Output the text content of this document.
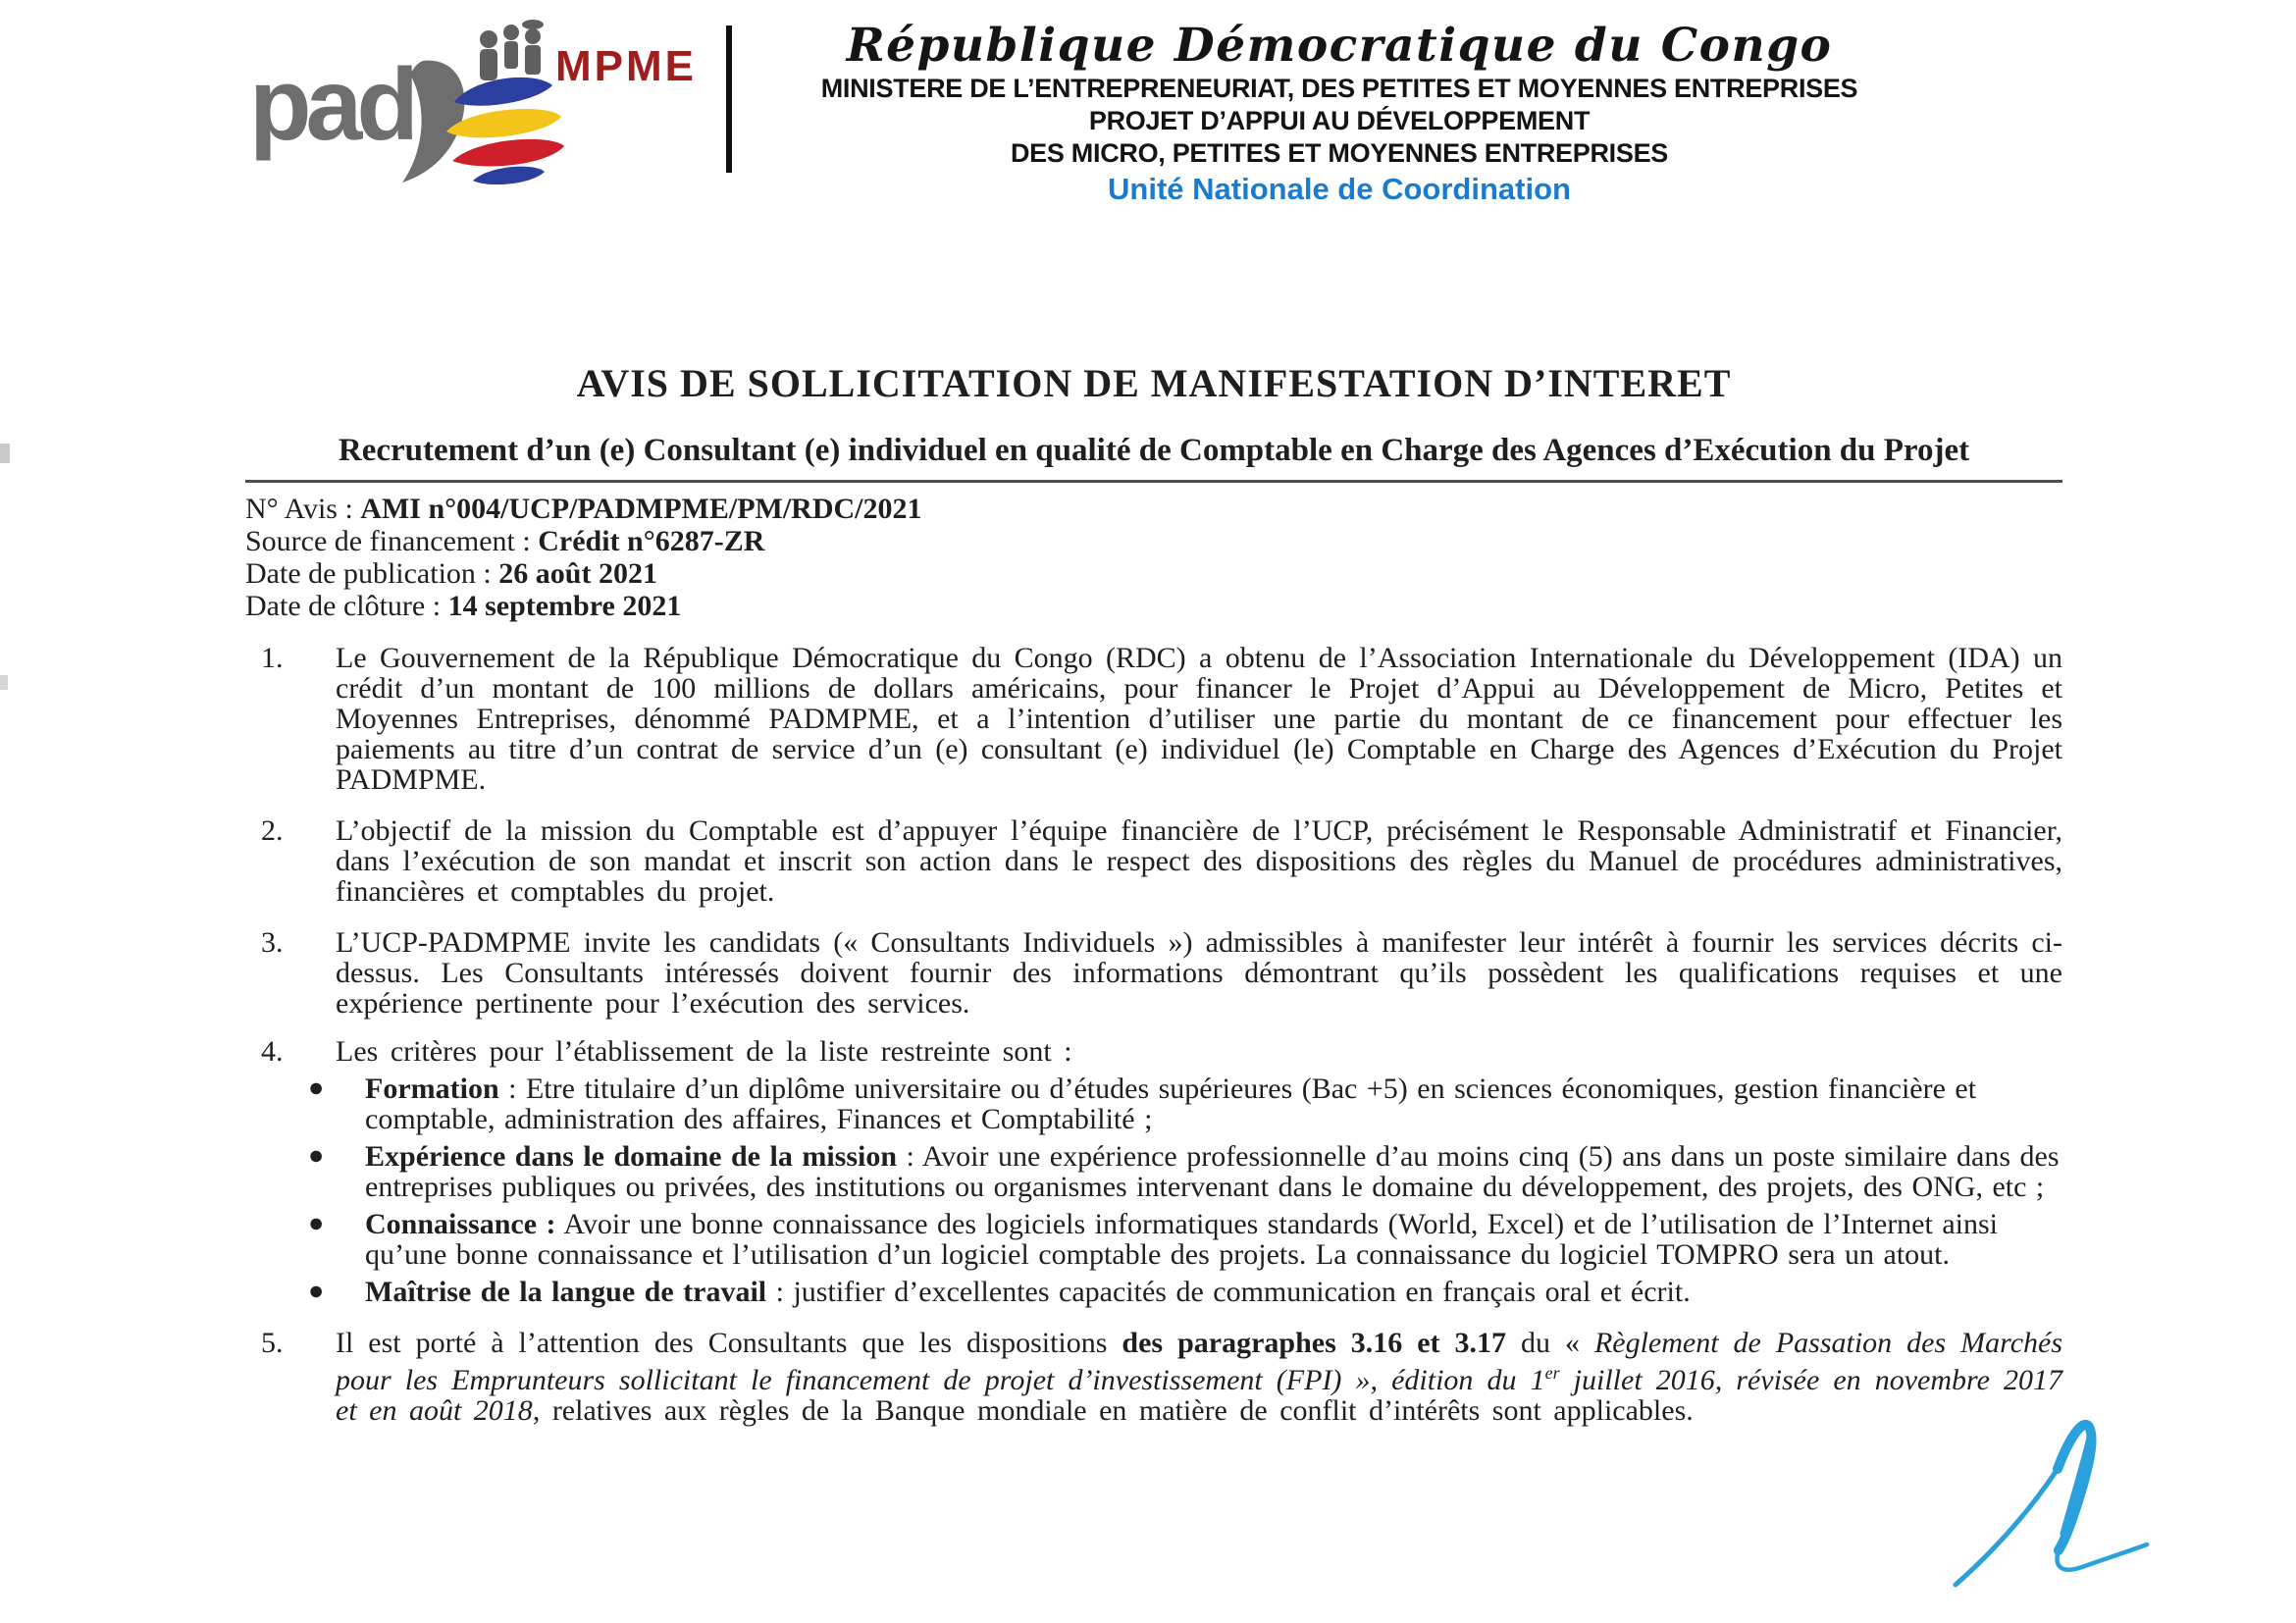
pad	MPME	République Démocratique du Congo
MINISTERE DE L’ENTREPRENEURIAT, DES PETITES ET MOYENNES ENTREPRISES
PROJET D’APPUI AU DÉVELOPPEMENT
DES MICRO, PETITES ET MOYENNES ENTREPRISES
Unité Nationale de Coordination
AVIS DE SOLLICITATION DE MANIFESTATION D’INTERET
Recrutement d’un (e) Consultant (e) individuel en qualité de Comptable en Charge des Agences d’Exécution du Projet
N° Avis : AMI n°004/UCP/PADMPME/PM/RDC/2021
Source de financement : Crédit n°6287-ZR
Date de publication : 26 août 2021
Date de clôture : 14 septembre 2021
1. Le Gouvernement de la République Démocratique du Congo (RDC) a obtenu de l’Association Internationale du Développement (IDA) un crédit d’un montant de 100 millions de dollars américains, pour financer le Projet d’Appui au Développement de Micro, Petites et Moyennes Entreprises, dénommé PADMPME, et a l’intention d’utiliser une partie du montant de ce financement pour effectuer les paiements au titre d’un contrat de service d’un (e) consultant (e) individuel (le) Comptable en Charge des Agences d’Exécution du Projet PADMPME.
2. L’objectif de la mission du Comptable est d’appuyer l’équipe financière de l’UCP, précisément le Responsable Administratif et Financier, dans l’exécution de son mandat et inscrit son action dans le respect des dispositions des règles du Manuel de procédures administratives, financières et comptables du projet.
3. L’UCP-PADMPME invite les candidats (« Consultants Individuels ») admissibles à manifester leur intérêt à fournir les services décrits ci-dessus. Les Consultants intéressés doivent fournir des informations démontrant qu’ils possèdent les qualifications requises et une expérience pertinente pour l’exécution des services.
4. Les critères pour l’établissement de la liste restreinte sont :
● Formation : Etre titulaire d’un diplôme universitaire ou d’études supérieures (Bac +5) en sciences économiques, gestion financière et comptable, administration des affaires, Finances et Comptabilité ;
● Expérience dans le domaine de la mission : Avoir une expérience professionnelle d’au moins cinq (5) ans dans un poste similaire dans des entreprises publiques ou privées, des institutions ou organismes intervenant dans le domaine du développement, des projets, des ONG, etc ;
● Connaissance : Avoir une bonne connaissance des logiciels informatiques standards (World, Excel) et de l’utilisation de l’Internet ainsi qu’une bonne connaissance et l’utilisation d’un logiciel comptable des projets. La connaissance du logiciel TOMPRO sera un atout.
● Maîtrise de la langue de travail : justifier d’excellentes capacités de communication en français oral et écrit.
5. Il est porté à l’attention des Consultants que les dispositions des paragraphes 3.16 et 3.17 du « Règlement de Passation des Marchés pour les Emprunteurs sollicitant le financement de projet d’investissement (FPI) », édition du 1er juillet 2016, révisée en novembre 2017 et en août 2018, relatives aux règles de la Banque mondiale en matière de conflit d’intérêts sont applicables.
